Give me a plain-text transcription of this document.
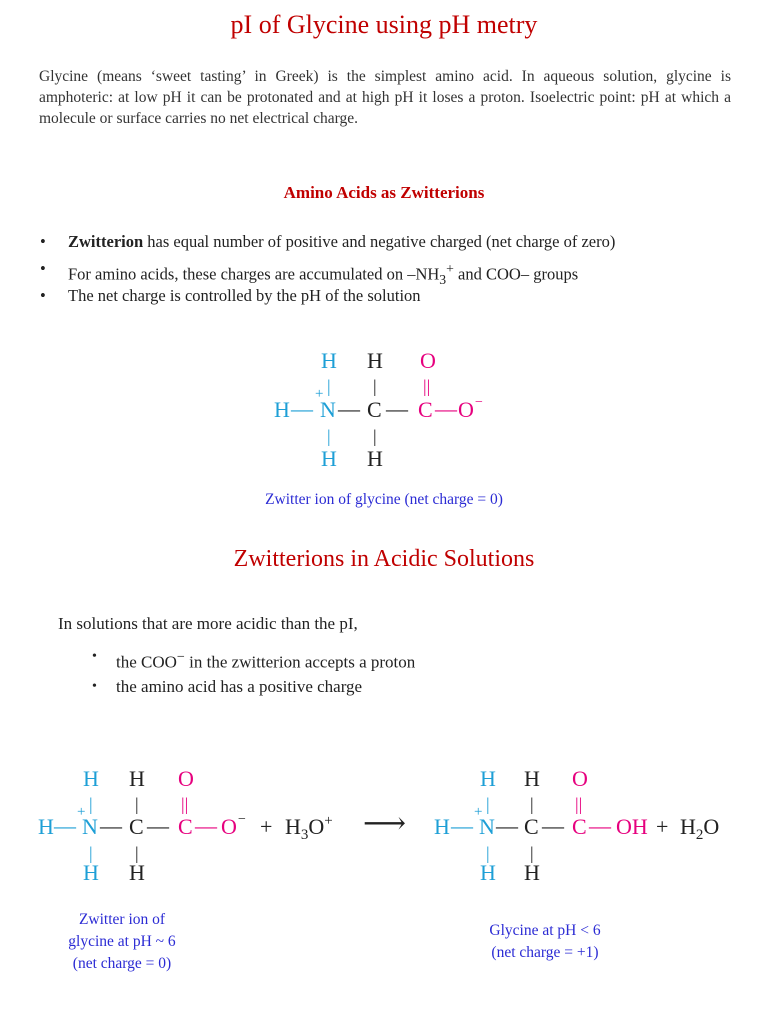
pI of Glycine using pH metry

Glycine (means ‘sweet tasting’ in Greek) is the simplest amino acid. In aqueous solution, glycine is amphoteric: at low pH it can be protonated and at high pH it loses a proton. Isoelectric point: pH at which a molecule or surface carries no net electrical charge.

Amino Acids as Zwitterions
• Zwitterion has equal number of positive and negative charged (net charge of zero)
• For amino acids, these charges are accumulated on $-NH_3^+$ and COO– groups
• The net charge is controlled by the pH of the solution
H H O
|
+	|	||
H — N — C — C — O −
| |
H H
Zwitter ion of glycine (net charge = 0)
Zwitterions in Acidic Solutions
In solutions that are more acidic than the pI,
• the COO− in the zwitterion accepts a proton
• the amino acid has a positive charge
H H O
|
+	| ||
H — N — C — C — O −
| |
H H
+ $H_3O^+$ ⟶
H H O
|
+	| ||
H — N — C — C — OH
| |
H H
+ $H_2O$
Zwitter ion of
glycine at pH ~ 6
(net charge = 0)
Glycine at pH < 6
(net charge = +1)
